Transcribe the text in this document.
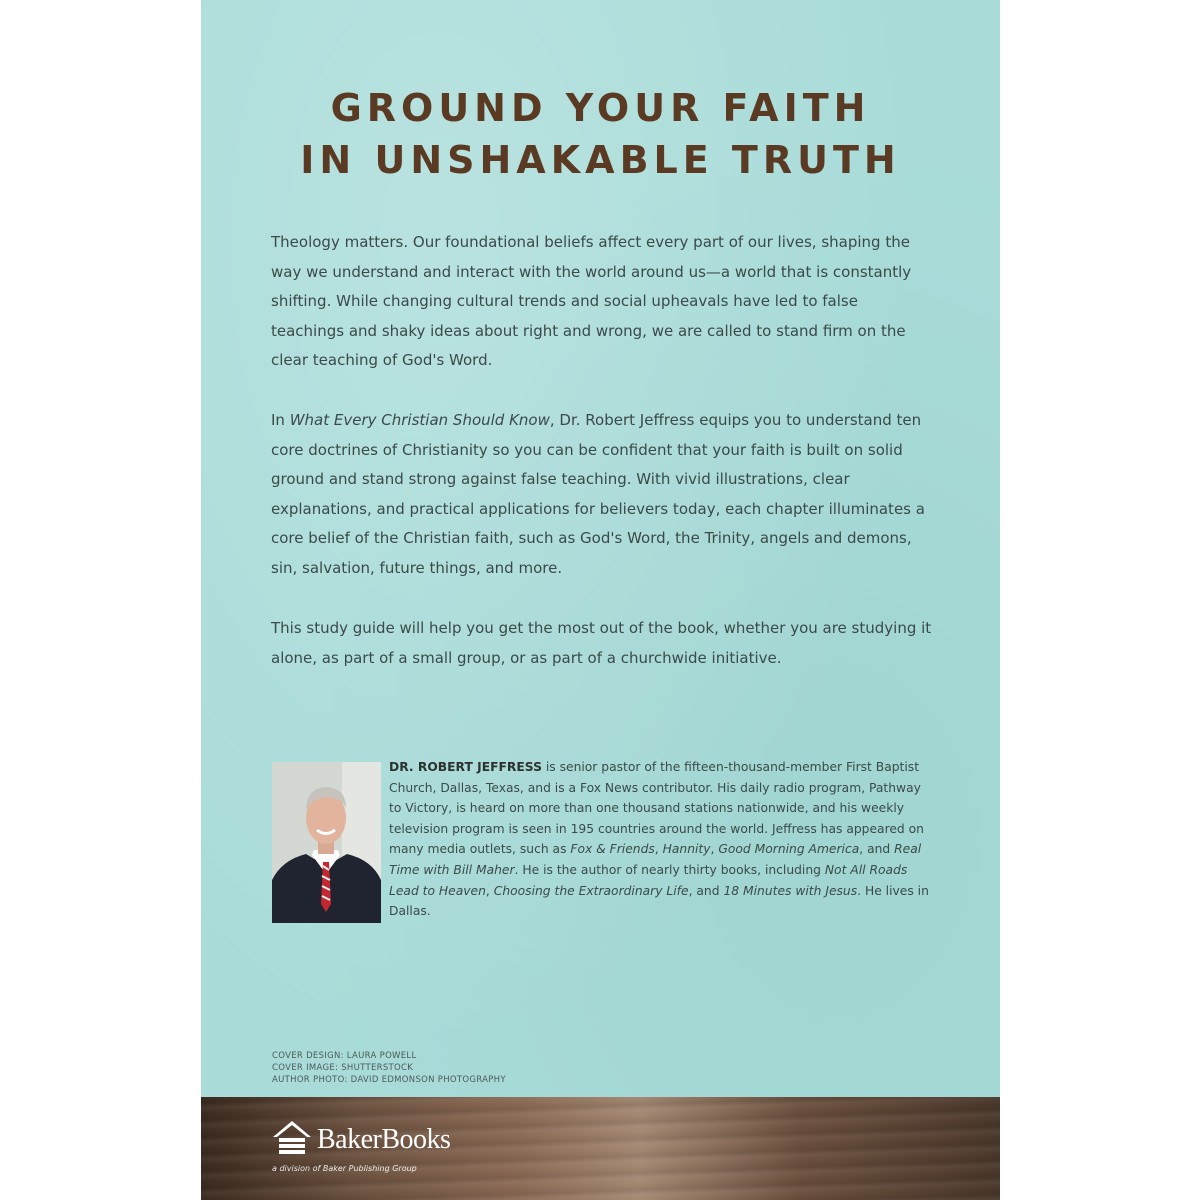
GROUND YOUR FAITH
IN UNSHAKABLE TRUTH

Theology matters. Our foundational beliefs affect every part of our lives, shaping the way we understand and interact with the world around us—a world that is constantly shifting. While changing cultural trends and social upheavals have led to false teachings and shaky ideas about right and wrong, we are called to stand firm on the clear teaching of God's Word.

In What Every Christian Should Know, Dr. Robert Jeffress equips you to understand ten core doctrines of Christianity so you can be confident that your faith is built on solid ground and stand strong against false teaching. With vivid illustrations, clear explanations, and practical applications for believers today, each chapter illuminates a core belief of the Christian faith, such as God's Word, the Trinity, angels and demons, sin, salvation, future things, and more.

This study guide will help you get the most out of the book, whether you are studying it alone, as part of a small group, or as part of a churchwide initiative.

DR. ROBERT JEFFRESS is senior pastor of the fifteen-thousand-member First Baptist Church, Dallas, Texas, and is a Fox News contributor. His daily radio program, Pathway to Victory, is heard on more than one thousand stations nationwide, and his weekly television program is seen in 195 countries around the world. Jeffress has appeared on many media outlets, such as Fox & Friends, Hannity, Good Morning America, and Real Time with Bill Maher. He is the author of nearly thirty books, including Not All Roads Lead to Heaven, Choosing the Extraordinary Life, and 18 Minutes with Jesus. He lives in Dallas.
COVER DESIGN: LAURA POWELL
COVER IMAGE: SHUTTERSTOCK
AUTHOR PHOTO: DAVID EDMONSON PHOTOGRAPHY
BakerBooks
a division of Baker Publishing Group
